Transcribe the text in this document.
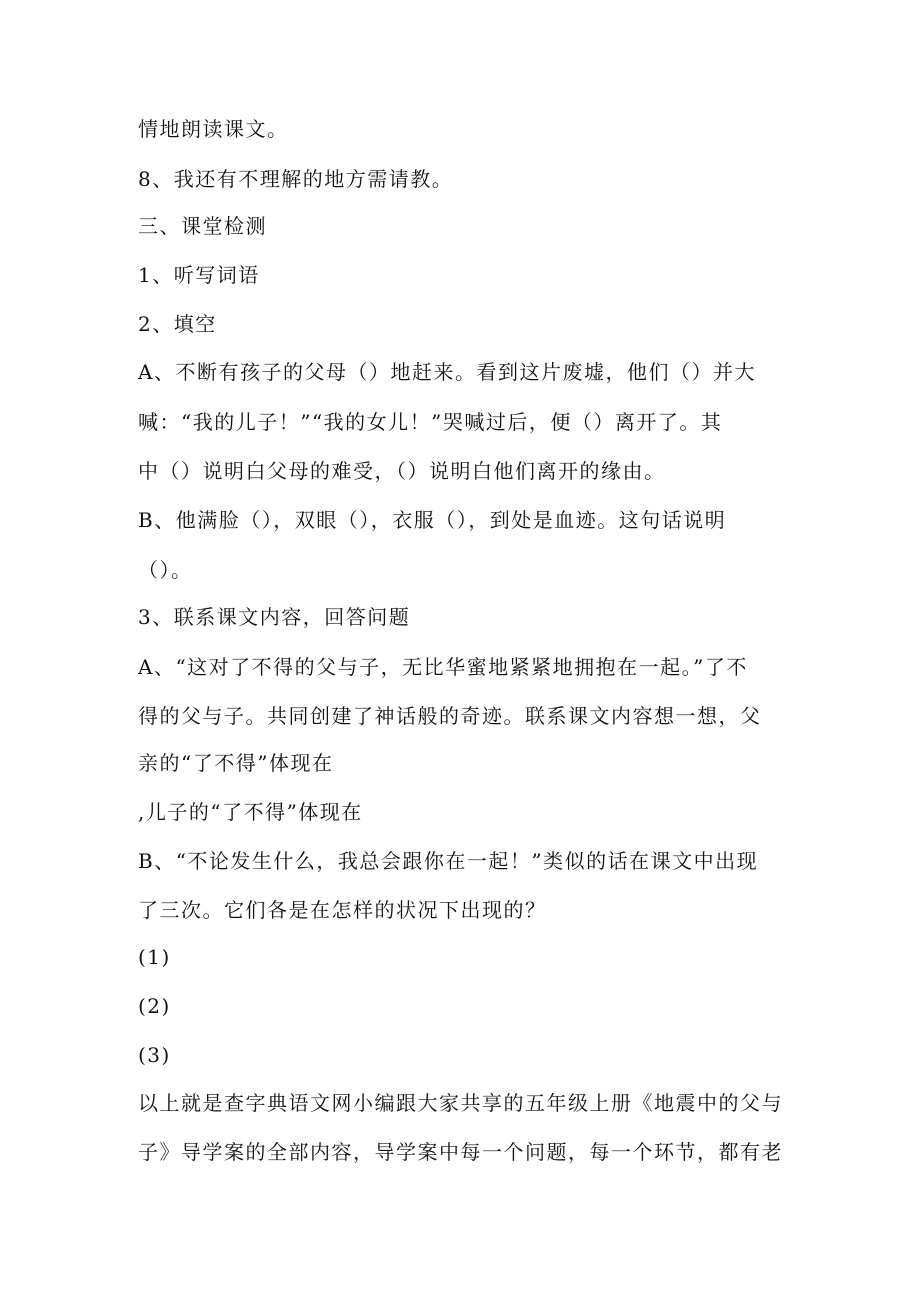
情地朗读课文。
8、我还有不理解的地方需请教。
三、课堂检测
1、听写词语
2、填空
A、不断有孩子的父母（）地赶来。看到这片废墟，他们（）并大
喊：“我的儿子！”“我的女儿！”哭喊过后，便（）离开了。其
中（）说明白父母的难受，（）说明白他们离开的缘由。
B、他满脸（），双眼（），衣服（），到处是血迹。这句话说明
（）。
3、联系课文内容，回答问题
A、“这对了不得的父与子，无比华蜜地紧紧地拥抱在一起。”了不
得的父与子。共同创建了神话般的奇迹。联系课文内容想一想，父
亲的“了不得”体现在
,儿子的“了不得”体现在
B、“不论发生什么，我总会跟你在一起！”类似的话在课文中出现
了三次。它们各是在怎样的状况下出现的？
(1)
(2)
(3)
以上就是查字典语文网小编跟大家共享的五年级上册《地震中的父与
子》导学案的全部内容，导学案中每一个问题，每一个环节，都有老
